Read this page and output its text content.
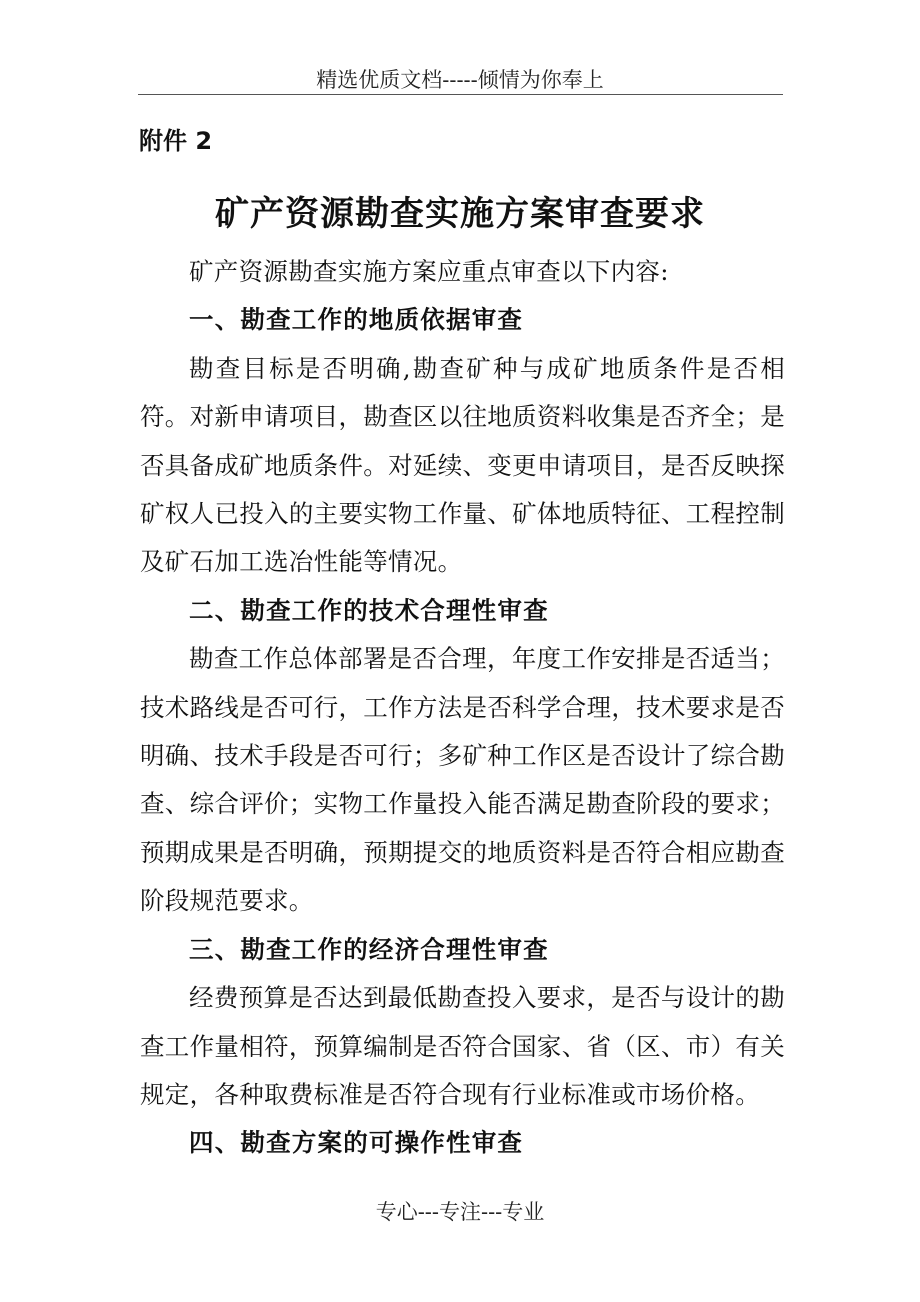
精选优质文档-----倾情为你奉上
附件 2
矿产资源勘查实施方案审查要求

矿产资源勘查实施方案应重点审查以下内容:

一、勘查工作的地质依据审查

勘查目标是否明确,勘查矿种与成矿地质条件是否相符。对新申请项目，勘查区以往地质资料收集是否齐全；是否具备成矿地质条件。对延续、变更申请项目，是否反映探矿权人已投入的主要实物工作量、矿体地质特征、工程控制及矿石加工选冶性能等情况。

二、勘查工作的技术合理性审查

勘查工作总体部署是否合理，年度工作安排是否适当；技术路线是否可行，工作方法是否科学合理，技术要求是否明确、技术手段是否可行；多矿种工作区是否设计了综合勘查、综合评价；实物工作量投入能否满足勘查阶段的要求；预期成果是否明确，预期提交的地质资料是否符合相应勘查阶段规范要求。

三、勘查工作的经济合理性审查

经费预算是否达到最低勘查投入要求，是否与设计的勘查工作量相符，预算编制是否符合国家、省（区、市）有关规定，各种取费标准是否符合现有行业标准或市场价格。

四、勘查方案的可操作性审查
专心---专注---专业
